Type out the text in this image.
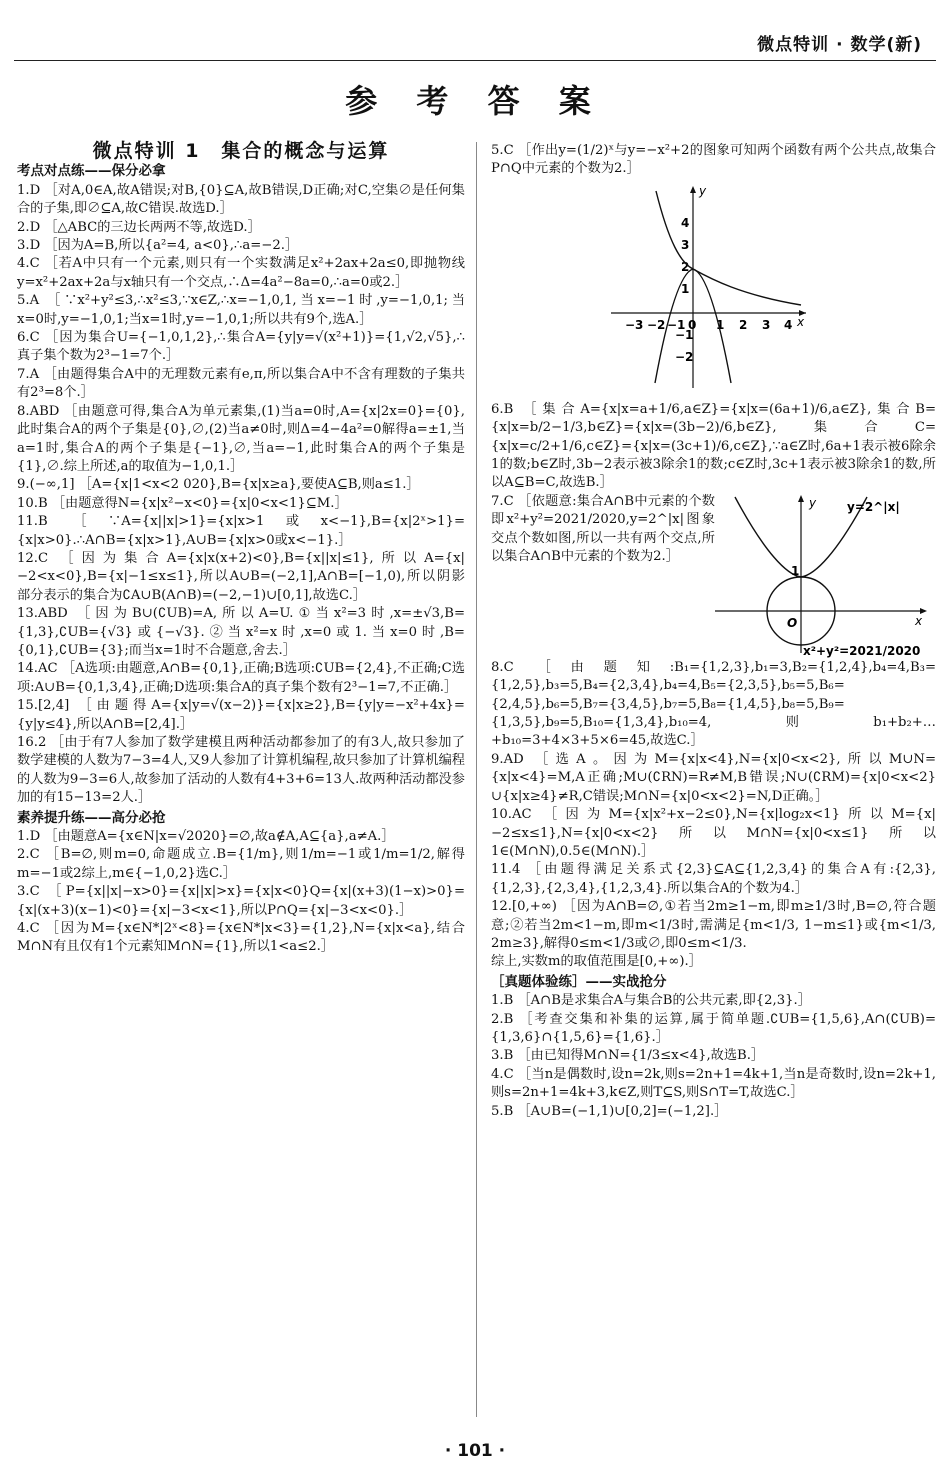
微点特训 · 数学(新)
参 考 答 案
微点特训 1　集合的概念与运算
考点对点练——保分必拿

1.D ［对A,0∈A,故A错误;对B,{0}⊆A,故B错误,D正确;对C,空集∅是任何集合的子集,即∅⊆A,故C错误.故选D.］

2.D ［△ABC的三边长两两不等,故选D.］

3.D ［因为A=B,所以{a²=4, a<0},∴a=−2.］

4.C ［若A中只有一个元素,则只有一个实数满足x²+2ax+2a≤0,即抛物线y=x²+2ax+2a与x轴只有一个交点,∴Δ=4a²−8a=0,∴a=0或2.］

5.A ［∵x²+y²≤3,∴x²≤3,∵x∈Z,∴x=−1,0,1,当x=−1时,y=−1,0,1;当x=0时,y=−1,0,1;当x=1时,y=−1,0,1;所以共有9个,选A.］

6.C ［因为集合U={−1,0,1,2},∴集合A={y|y=√(x²+1)}={1,√2,√5},∴真子集个数为2³−1=7个.］

7.A ［由题得集合A中的无理数元素有e,π,所以集合A中不含有理数的子集共有2³=8个.］

8.ABD ［由题意可得,集合A为单元素集,(1)当a=0时,A={x|2x=0}={0},此时集合A的两个子集是{0},∅,(2)当a≠0时,则Δ=4−4a²=0解得a=±1,当a=1时,集合A的两个子集是{−1},∅,当a=−1,此时集合A的两个子集是{1},∅.综上所述,a的取值为−1,0,1.］

9.(−∞,1] ［A={x|1<x<2 020},B={x|x≥a},要使A⊆B,则a≤1.］

10.B ［由题意得N={x|x²−x<0}={x|0<x<1}⊆M.］

11.B ［∵A={x||x|>1}={x|x>1或x<−1},B={x|2ˣ>1}={x|x>0}.∴A∩B={x|x>1},A∪B={x|x>0或x<−1}.］

12.C ［因为集合A={x|x(x+2)<0},B={x||x|≤1},所以A={x|−2<x<0},B={x|−1≤x≤1},所以A∪B=(−2,1],A∩B=[−1,0),所以阴影部分表示的集合为∁A∪B(A∩B)=(−2,−1)∪[0,1],故选C.］

13.ABD ［因为B∪(∁UB)=A,所以A=U.①当x²=3时,x=±√3,B={1,3},∁UB={√3}或{−√3}.②当x²=x时,x=0或1.当x=0时,B={0,1},∁UB={3};而当x=1时不合题意,舍去.］

14.AC ［A选项:由题意,A∩B={0,1},正确;B选项:∁UB={2,4},不正确;C选项:A∪B={0,1,3,4},正确;D选项:集合A的真子集个数有2³−1=7,不正确.］

15.[2,4] ［由题得A={x|y=√(x−2)}={x|x≥2},B={y|y=−x²+4x}={y|y≤4},所以A∩B=[2,4].］

16.2 ［由于有7人参加了数学建模且两种活动都参加了的有3人,故只参加了数学建模的人数为7−3=4人,又9人参加了计算机编程,故只参加了计算机编程的人数为9−3=6人,故参加了活动的人数有4+3+6=13人.故两种活动都没参加的有15−13=2人.］

素养提升练——高分必抢

1.D ［由题意A={x∈N|x=√2020}=∅,故a∉A,A⊆{a},a≠A.］

2.C ［B=∅,则m=0,命题成立.B={1/m},则1/m=−1或1/m=1/2,解得m=−1或2综上,m∈{−1,0,2}选C.］

3.C ［P={x||x|−x>0}={x||x|>x}={x|x<0}Q={x|(x+3)(1−x)>0}={x|(x+3)(x−1)<0}={x|−3<x<1},所以P∩Q={x|−3<x<0}.］

4.C ［因为M={x∈N*|2ˣ<8}={x∈N*|x<3}={1,2},N={x|x<a},结合M∩N有且仅有1个元素知M∩N={1},所以1<a≤2.］

5.C ［作出y=(1/2)ˣ与y=−x²+2的图象可知两个函数有两个公共点,故集合P∩Q中元素的个数为2.］

x
y
−3 −2 −1 0 1 2 3 4
4
3
2
1
−1
−2

6.B ［集合A={x|x=a+1/6,a∈Z}={x|x=(6a+1)/6,a∈Z},集合B={x|x=b/2−1/3,b∈Z}={x|x=(3b−2)/6,b∈Z},集合C={x|x=c/2+1/6,c∈Z}={x|x=(3c+1)/6,c∈Z},∵a∈Z时,6a+1表示被6除余1的数;b∈Z时,3b−2表示被3除余1的数;c∈Z时,3c+1表示被3除余1的数,所以A⊆B=C,故选B.］

7.C ［依题意:集合A∩B中元素的个数即x²+y²=2021/2020,y=2^|x|图象交点个数如图,所以一共有两个交点,所以集合A∩B中元素的个数为2.］

y=2^|x|
y
x
O
1
x²+y²=2021/2020

8.C ［由题知:B₁={1,2,3},b₁=3,B₂={1,2,4},b₄=4,B₃={1,2,5},b₃=5,B₄={2,3,4},b₄=4,B₅={2,3,5},b₅=5,B₆={2,4,5},b₆=5,B₇={3,4,5},b₇=5,B₈={1,4,5},b₈=5,B₉={1,3,5},b₉=5,B₁₀={1,3,4},b₁₀=4,则b₁+b₂+…+b₁₀=3+4×3+5×6=45,故选C.］

9.AD ［选A。因为M={x|x<4},N={x|0<x<2},所以M∪N={x|x<4}=M,A正确;M∪(∁RN)=R≠M,B错误;N∪(∁RM)={x|0<x<2}∪{x|x≥4}≠R,C错误;M∩N={x|0<x<2}=N,D正确。］

10.AC ［因为M={x|x²+x−2≤0},N={x|log₂x<1}所以M={x|−2≤x≤1},N={x|0<x<2}所以M∩N={x|0<x≤1}所以1∈(M∩N),0.5∈(M∩N).］

11.4 ［由题得满足关系式{2,3}⊆A⊆{1,2,3,4}的集合A有:{2,3},{1,2,3},{2,3,4},{1,2,3,4}.所以集合A的个数为4.］

12.[0,+∞) ［因为A∩B=∅,①若当2m≥1−m,即m≥1/3时,B=∅,符合题意;②若当2m<1−m,即m<1/3时,需满足{m<1/3, 1−m≤1}或{m<1/3, 2m≥3},解得0≤m<1/3或∅,即0≤m<1/3.

综上,实数m的取值范围是[0,+∞).］

［真题体验练］——实战抢分

1.B ［A∩B是求集合A与集合B的公共元素,即{2,3}.］

2.B ［考查交集和补集的运算,属于简单题.∁UB={1,5,6},A∩(∁UB)={1,3,6}∩{1,5,6}={1,6}.］

3.B ［由已知得M∩N={1/3≤x<4},故选B.］

4.C ［当n是偶数时,设n=2k,则s=2n+1=4k+1,当n是奇数时,设n=2k+1,则s=2n+1=4k+3,k∈Z,则T⊆S,则S∩T=T,故选C.］

5.B ［A∪B=(−1,1)∪[0,2]=(−1,2].］

· 101 ·
